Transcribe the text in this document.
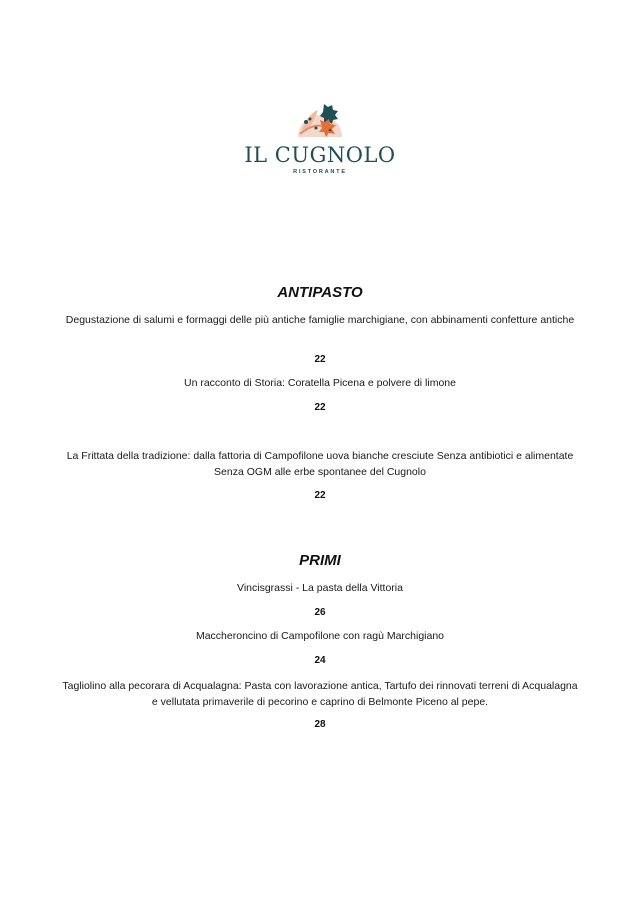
IL CUGNOLO
RISTORANTE
ANTIPASTO
Degustazione di salumi e formaggi delle più antiche famiglie marchigiane, con abbinamenti confetture antiche
22
Un racconto di Storia: Coratella Picena e polvere di limone
22
La Frittata della tradizione: dalla fattoria di Campofilone uova bianche cresciute Senza antibiotici e alimentate Senza OGM alle erbe spontanee del Cugnolo
22
PRIMI
Vincisgrassi - La pasta della Vittoria
26
Maccheroncino di Campofilone con ragù Marchigiano
24
Tagliolino alla pecorara di Acqualagna: Pasta con lavorazione antica, Tartufo dei rinnovati terreni di Acqualagna e vellutata primaverile di pecorino e caprino di Belmonte Piceno al pepe.
28
